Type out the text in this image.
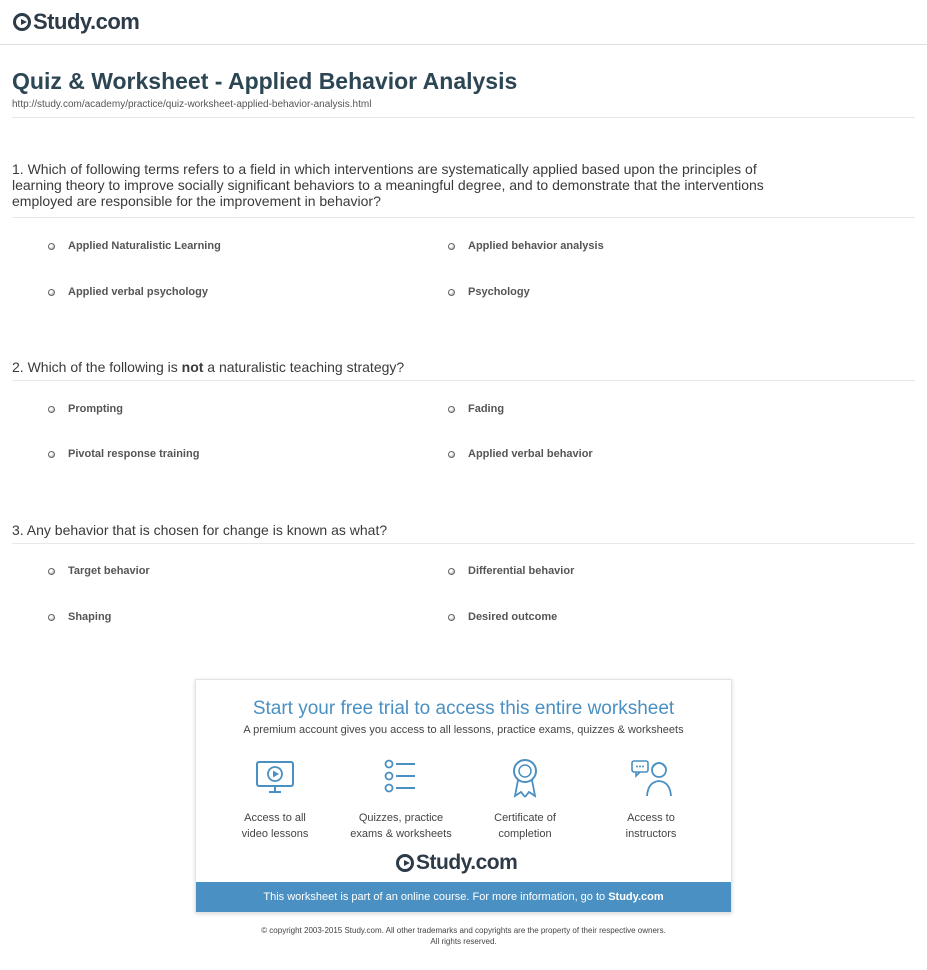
Study.com
Quiz & Worksheet - Applied Behavior Analysis
http://study.com/academy/practice/quiz-worksheet-applied-behavior-analysis.html
1. Which of following terms refers to a field in which interventions are systematically applied based upon the principles of learning theory to improve socially significant behaviors to a meaningful degree, and to demonstrate that the interventions employed are responsible for the improvement in behavior?
Applied Naturalistic Learning	Applied behavior analysis
Applied verbal psychology	Psychology
2. Which of the following is not a naturalistic teaching strategy?
Prompting	Fading
Pivotal response training	Applied verbal behavior
3. Any behavior that is chosen for change is known as what?
Target behavior	Differential behavior
Shaping	Desired outcome
Start your free trial to access this entire worksheet
A premium account gives you access to all lessons, practice exams, quizzes & worksheets
Access to all
video lessons
Quizzes, practice
exams & worksheets
Certificate of
completion
Access to
instructors
Study.com
This worksheet is part of an online course. For more information, go to Study.com
© copyright 2003-2015 Study.com. All other trademarks and copyrights are the property of their respective owners.
All rights reserved.
